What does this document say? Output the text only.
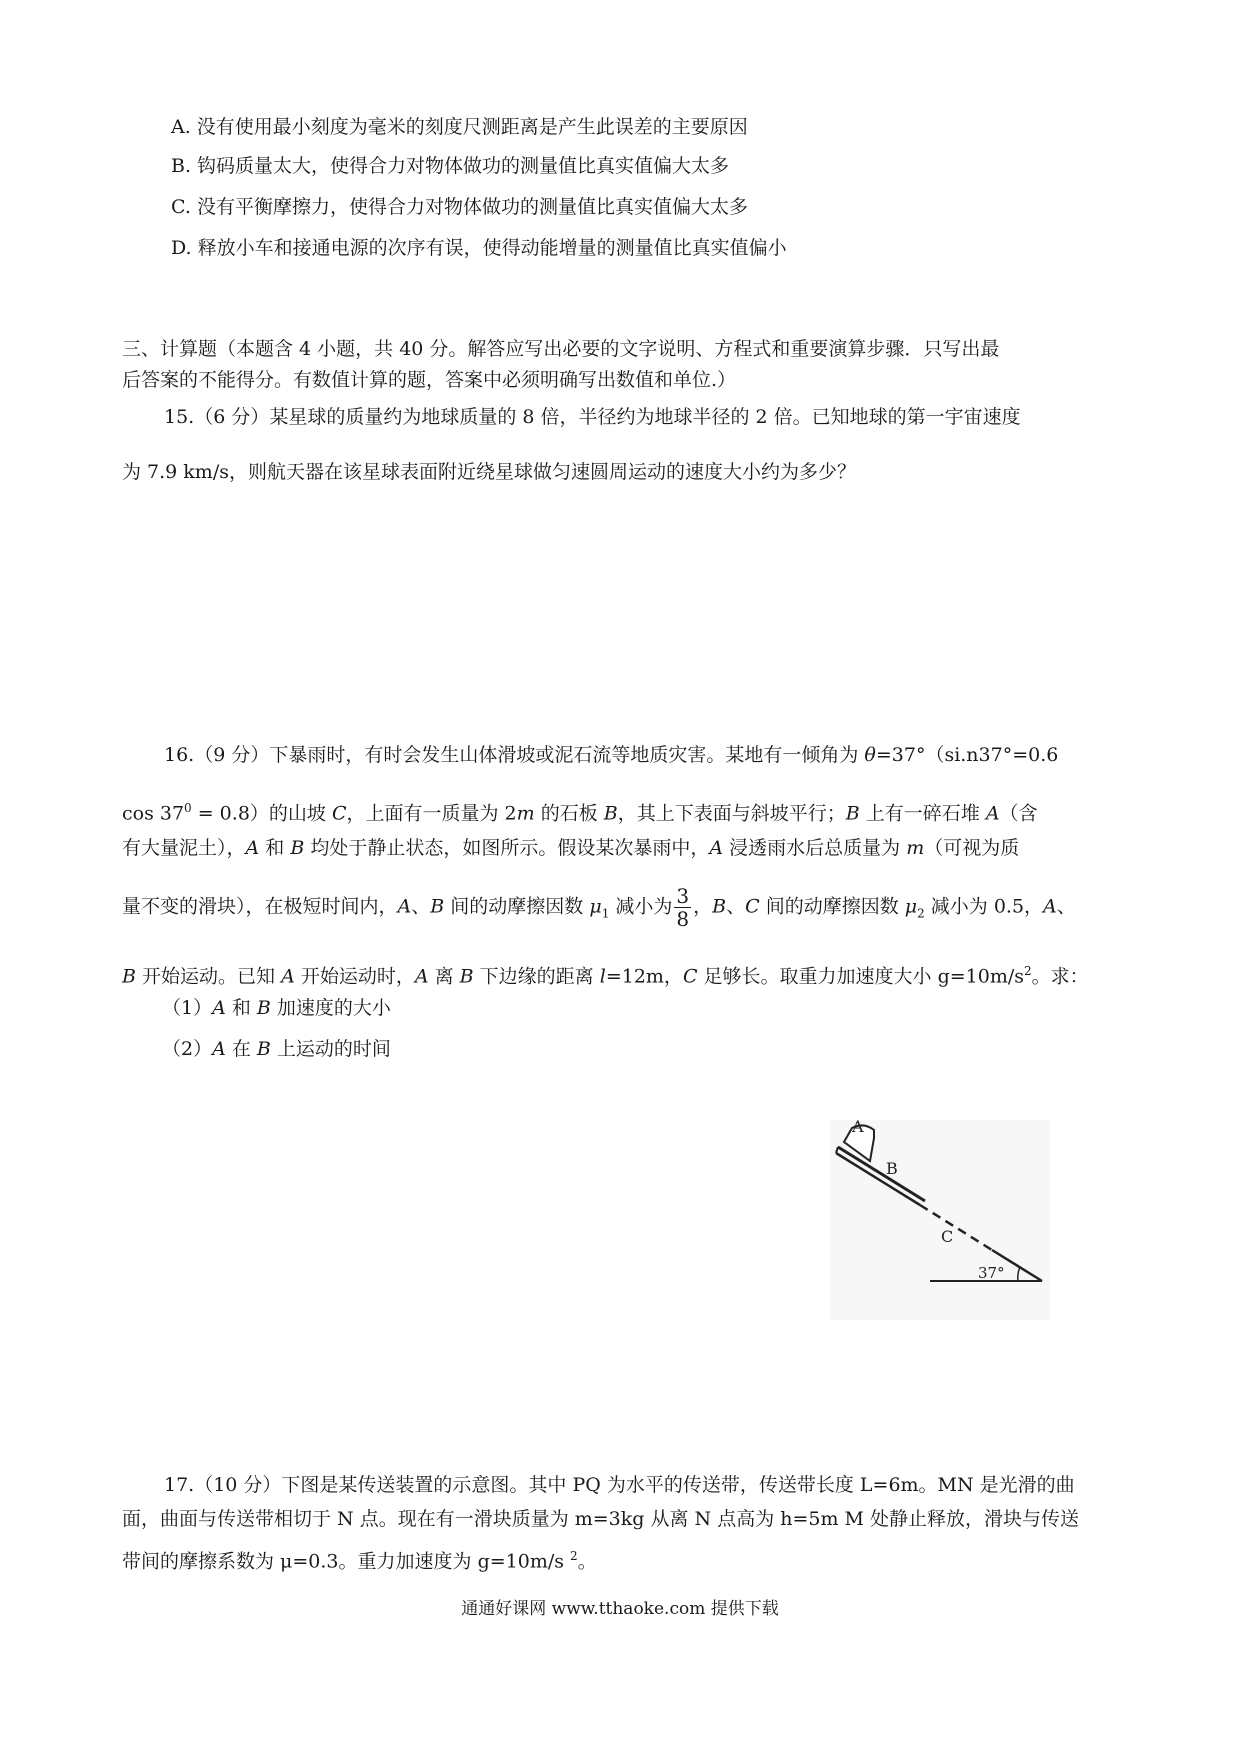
A. 没有使用最小刻度为毫米的刻度尺测距离是产生此误差的主要原因
B. 钩码质量太大，使得合力对物体做功的测量值比真实值偏大太多
C. 没有平衡摩擦力，使得合力对物体做功的测量值比真实值偏大太多
D. 释放小车和接通电源的次序有误，使得动能增量的测量值比真实值偏小
三、计算题（本题含 4 小题，共 40 分。解答应写出必要的文字说明、方程式和重要演算步骤．只写出最
后答案的不能得分。有数值计算的题，答案中必须明确写出数值和单位.）
15.（6 分）某星球的质量约为地球质量的 8 倍，半径约为地球半径的 2 倍。已知地球的第一宇宙速度
为 7.9 km/s，则航天器在该星球表面附近绕星球做匀速圆周运动的速度大小约为多少？
16.（9 分）下暴雨时，有时会发生山体滑坡或泥石流等地质灾害。某地有一倾角为 θ=37°（si.n37°=0.6
$\cos 37^0 = 0.8$）的山坡 C，上面有一质量为 2m 的石板 B，其上下表面与斜坡平行；B 上有一碎石堆 A（含
有大量泥土），A 和 B 均处于静止状态，如图所示。假设某次暴雨中，A 浸透雨水后总质量为 m（可视为质
量不变的滑块），在极短时间内，A、B 间的动摩擦因数 $\mu_1$ 减小为 $\frac{3}{8}$ ，B、C 间的动摩擦因数 $\mu_2$ 减小为 0.5，A、
B 开始运动。已知 A 开始运动时，A 离 B 下边缘的距离 l=12m，C 足够长。取重力加速度大小 $g=10m/s^2$。求：
（1）A 和 B 加速度的大小
（2）A 在 B 上运动的时间
A
B
C
37°
17.（10 分）下图是某传送装置的示意图。其中 PQ 为水平的传送带，传送带长度 L=6m。MN 是光滑的曲
面，曲面与传送带相切于 N 点。现在有一滑块质量为 m=3kg 从离 N 点高为 h=5m M 处静止释放，滑块与传送
带间的摩擦系数为 μ=0.3。重力加速度为 g=10m/s $^2$。
通通好课网 www.tthaoke.com 提供下载
